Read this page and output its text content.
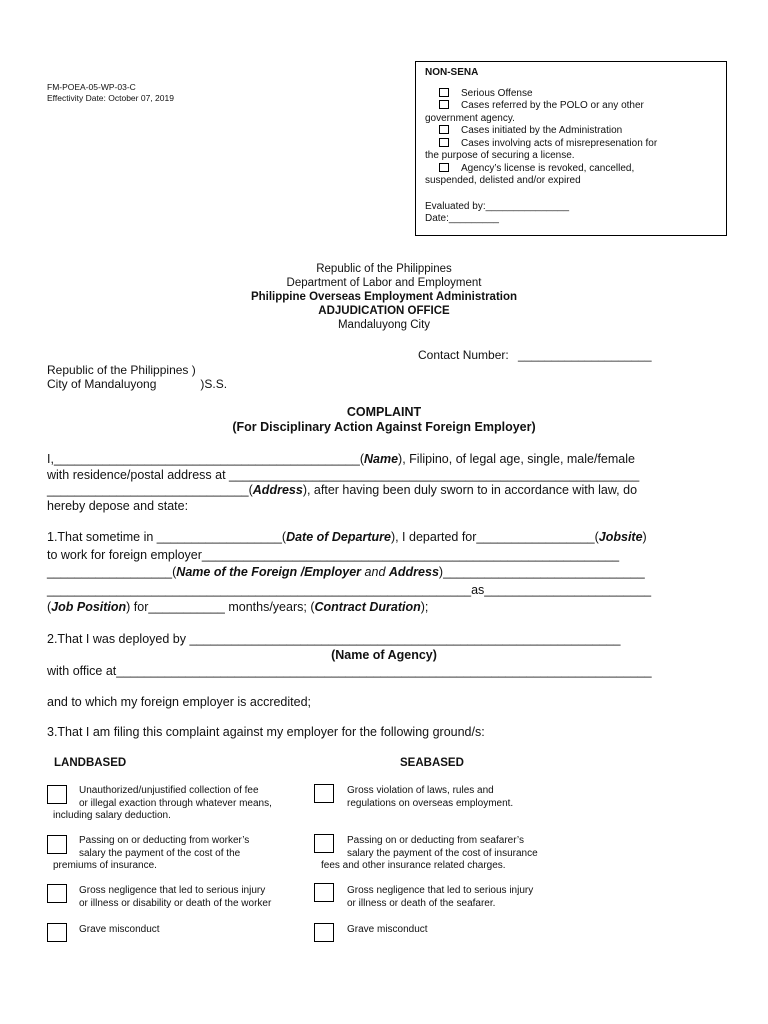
FM-POEA-05-WP-03-C
Effectivity Date: October 07, 2019
NON-SENA
Serious Offense
Cases referred by the POLO or any other
government agency.
Cases initiated by the Administration
Cases involving acts of misrepresenation for
the purpose of securing a license.
Agency’s license is revoked, cancelled,
suspended, delisted and/or expired
Evaluated by:_______________
Date:_________
Republic of the Philippines
Department of Labor and Employment
Philippine Overseas Employment Administration
ADJUDICATION OFFICE
Mandaluyong City
Contact Number: ____________________
Republic of the Philippines )
City of Mandaluyong	)S.S.
COMPLAINT
(For Disciplinary Action Against Foreign Employer)
I,____________________________________________(Name), Filipino, of legal age, single, male/female
with residence/postal address at ___________________________________________________________
_____________________________(Address), after having been duly sworn to in accordance with law, do
hereby depose and state:
1.That sometime in __________________(Date of Departure), I departed for_________________(Jobsite)
to work for foreign employer____________________________________________________________
__________________(Name of the Foreign /Employer and Address)_____________________________
_____________________________________________________________as________________________
(Job Position) for___________ months/years; (Contract Duration);
2.That I was deployed by ______________________________________________________________
(Name of Agency)
with office at_____________________________________________________________________________
and to which my foreign employer is accredited;
3.That I am filing this complaint against my employer for the following ground/s:
LANDBASED	SEABASED
Unauthorized/unjustified collection of fee
or illegal exaction through whatever means,
including salary deduction.
Passing on or deducting from worker’s
salary the payment of the cost of the
premiums of insurance.
Gross negligence that led to serious injury
or illness or disability or death of the worker
Grave misconduct
Gross violation of laws, rules and
regulations on overseas employment.
Passing on or deducting from seafarer’s
salary the payment of the cost of insurance
fees and other insurance related charges.
Gross negligence that led to serious injury
or illness or death of the seafarer.
Grave misconduct
